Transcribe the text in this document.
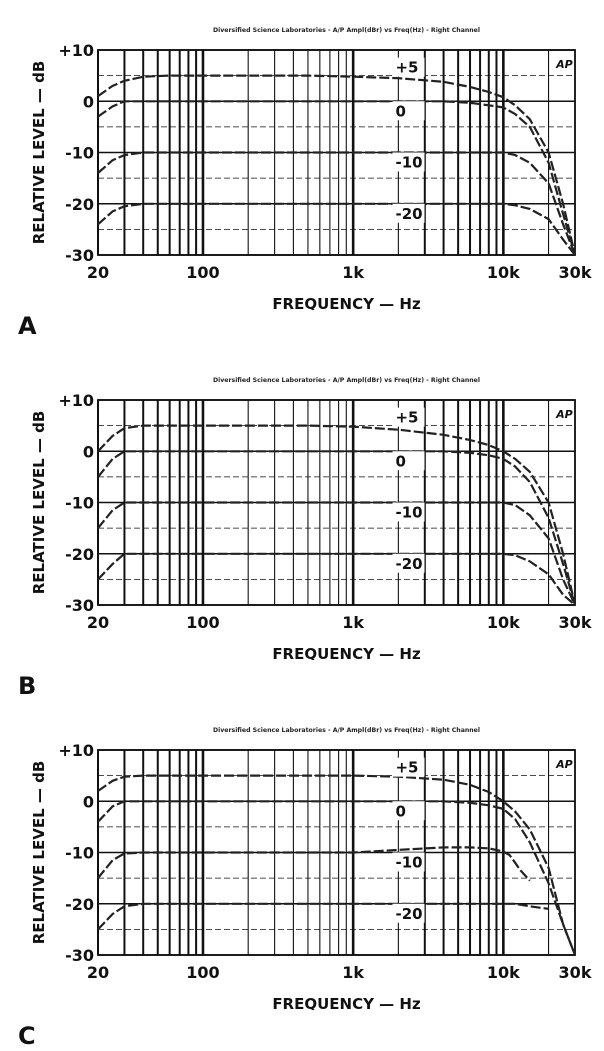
Diversified Science Laboratories - A/P Ampl(dBr) vs Freq(Hz) - Right Channel
+5
0
-10
-20
+10
0
-10
-20
-30
20	100	1k	10k 30k
FREQUENCY — Hz
RELATIVE LEVEL — dB	AP
A
Diversified Science Laboratories - A/P Ampl(dBr) vs Freq(Hz) - Right Channel
+5
0
-10
-20
+10
0
-10
-20
-30
20	100	1k	10k 30k
FREQUENCY — Hz
RELATIVE LEVEL — dB	AP
B
Diversified Science Laboratories - A/P Ampl(dBr) vs Freq(Hz) - Right Channel
+5
0
-10
-20
+10
0
-10
-20
-30
20	100	1k	10k 30k
FREQUENCY — Hz
RELATIVE LEVEL — dB	AP
C
